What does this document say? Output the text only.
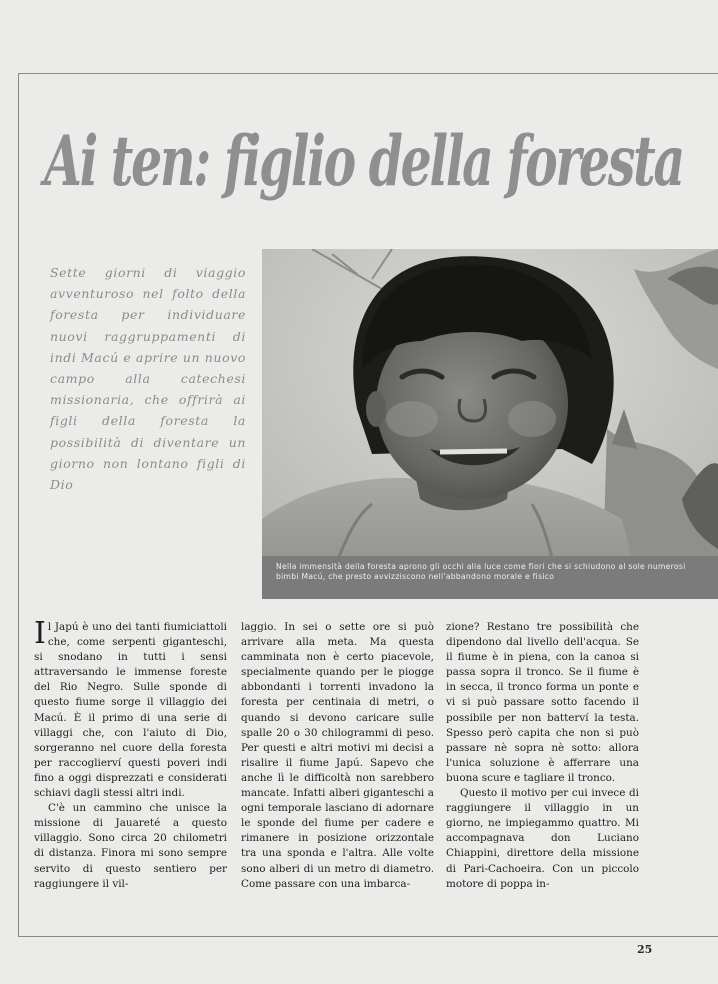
Ai ten: figlio della foresta

Sette giorni di viaggio avventuroso nel folto della foresta per individuare nuovi raggruppamenti di indi Macú e aprire un nuovo campo alla catechesi missionaria, che offrirà ai figli della foresta la possibilità di diventare un giorno non lontano figli di Dio

Nella immensità della foresta aprono gli occhi alla luce come fiori che si schiudono al sole numerosi bimbi Macú, che presto avvizziscono nell'abbandono morale e fisico

Il Japú è uno dei tanti fiumiciattoli che, come serpenti giganteschi, si snodano in tutti i sensi attraversando le immense foreste del Rio Negro. Sulle sponde di questo fiume sorge il villaggio dei Macú. È il primo di una serie di villaggi che, con l'aiuto di Dio, sorgeranno nel cuore della foresta per raccoglierví questi poveri indi fino a oggi disprezzati e considerati schiavi dagli stessi altri indi.

C'è un cammino che unisce la missione di Jauareté a questo villaggio. Sono circa 20 chilometri di distanza. Finora mi sono sempre servito di questo sentiero per raggiungere il vil-

laggio. In sei o sette ore si può arrivare alla meta. Ma questa camminata non è certo piacevole, specialmente quando per le piogge abbondanti i torrenti invadono la foresta per centinaia di metri, o quando si devono caricare sulle spalle 20 o 30 chilogrammi di peso. Per questi e altri motivi mi decisi a risalire il fiume Japú. Sapevo che anche lì le difficoltà non sarebbero mancate. Infatti alberi giganteschi a ogni temporale lasciano di adornare le sponde del fiume per cadere e rimanere in posizione orizzontale tra una sponda e l'altra. Alle volte sono alberi di un metro di diametro. Come passare con una imbarca-

zione? Restano tre possibilità che dipendono dal livello dell'acqua. Se il fiume è in piena, con la canoa si passa sopra il tronco. Se il fiume è in secca, il tronco forma un ponte e vi si può passare sotto facendo il possibile per non batterví la testa. Spesso però capita che non si può passare nè sopra nè sotto: allora l'unica soluzione è afferrare una buona scure e tagliare il tronco.

Questo il motivo per cui invece di raggiungere il villaggio in un giorno, ne impiegammo quattro. Mi accompagnava don Luciano Chiappini, direttore della missione di Pari-Cachoeira. Con un piccolo motore di poppa in-

25
